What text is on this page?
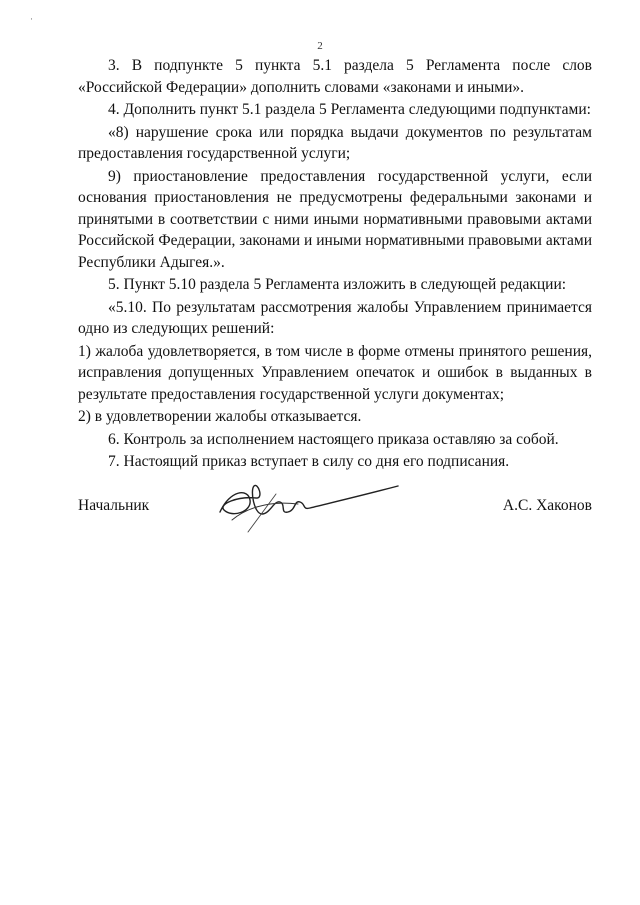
·
2

3. В подпункте 5 пункта 5.1 раздела 5 Регламента после слов «Российской Федерации» дополнить словами «законами и иными».

4. Дополнить пункт 5.1 раздела 5 Регламента следующими подпунктами:

«8) нарушение срока или порядка выдачи документов по результатам предоставления государственной услуги;

9) приостановление предоставления государственной услуги, если основания приостановления не предусмотрены федеральными законами и принятыми в соответствии с ними иными нормативными правовыми актами Российской Федерации, законами и иными нормативными правовыми актами Республики Адыгея.».

5. Пункт 5.10 раздела 5 Регламента изложить в следующей редакции:

«5.10. По результатам рассмотрения жалобы Управлением принимается одно из следующих решений:

1) жалоба удовлетворяется, в том числе в форме отмены принятого решения, исправления допущенных Управлением опечаток и ошибок в выданных в результате предоставления государственной услуги документах;

2) в удовлетворении жалобы отказывается.

6. Контроль за исполнением настоящего приказа оставляю за собой.

7. Настоящий приказ вступает в силу со дня его подписания.

Начальник	А.С. Хаконов
